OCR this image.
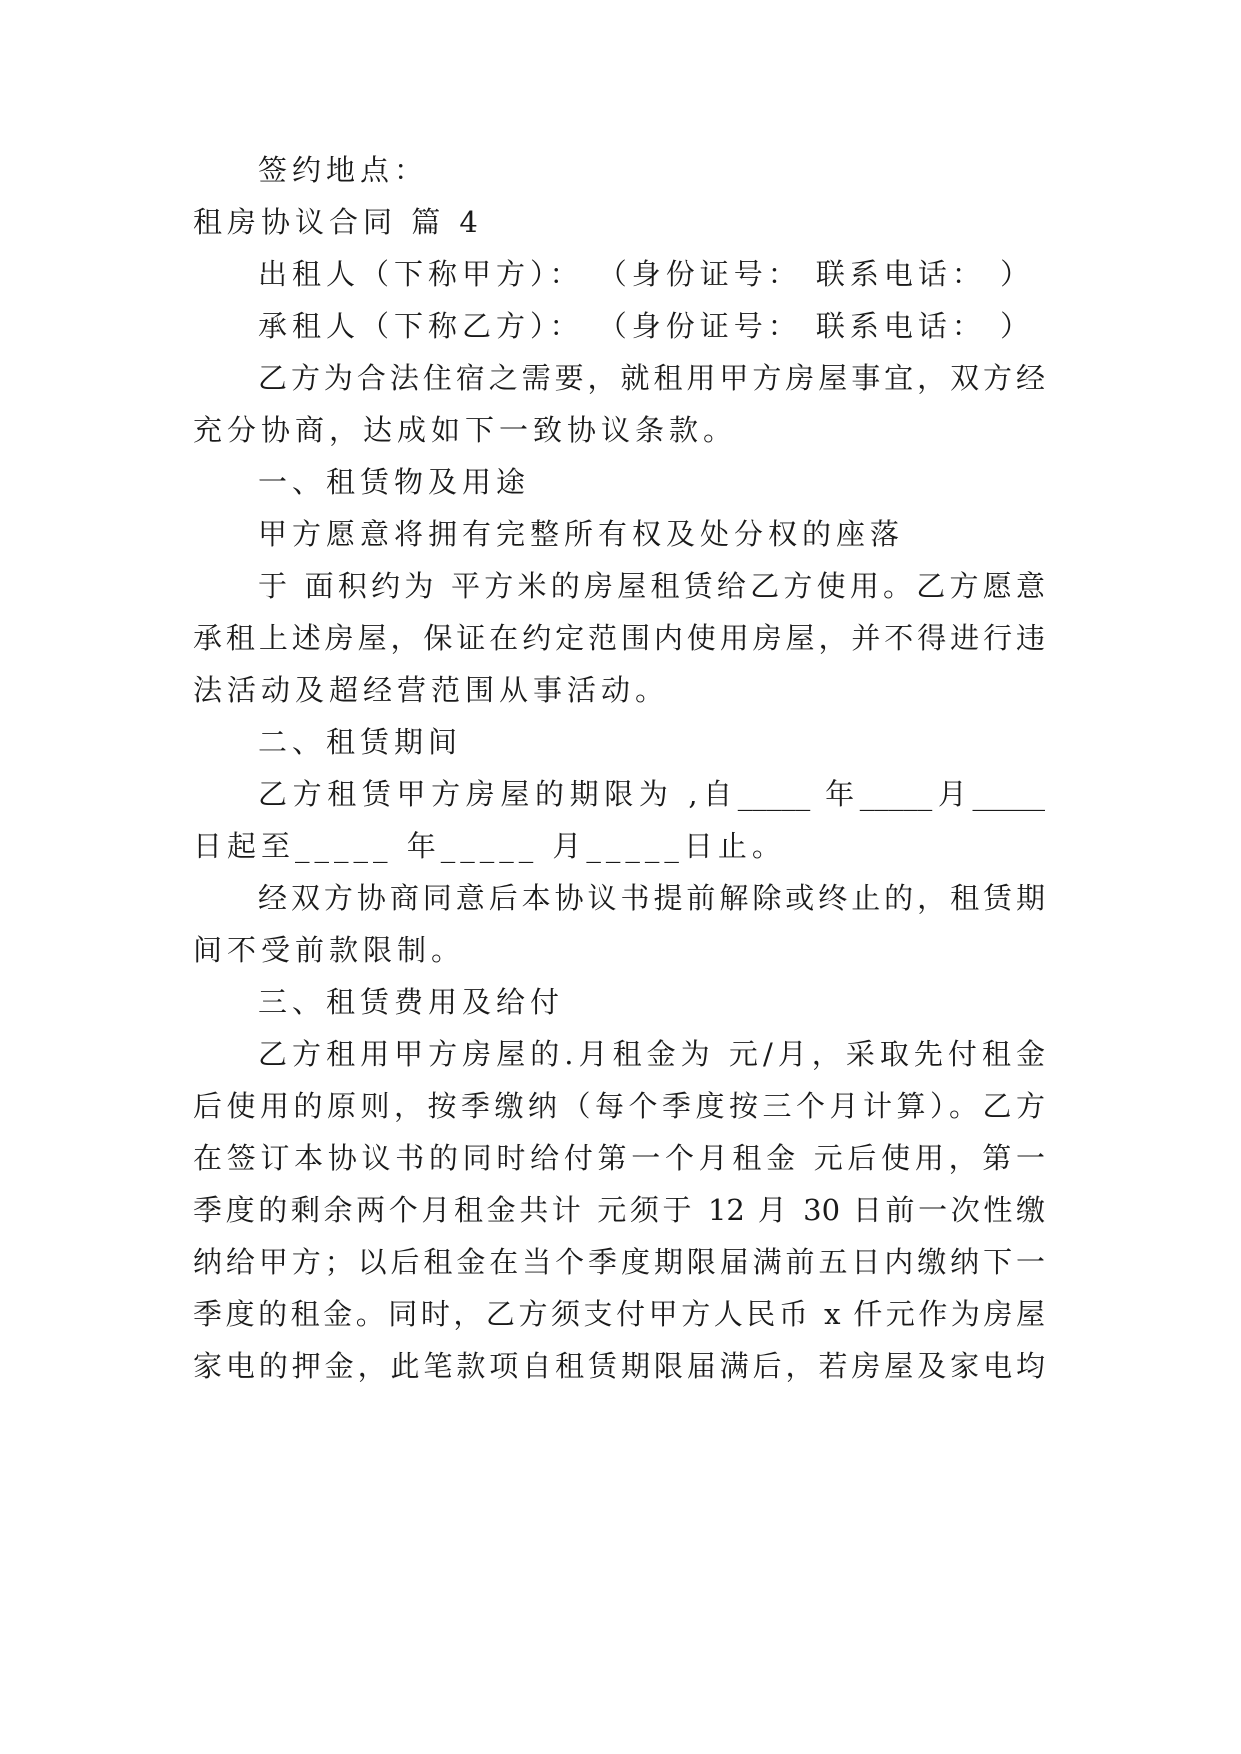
签约地点：
租房协议合同 篇 4
出租人（下称甲方）： （身份证号： 联系电话： ）
承租人（下称乙方）： （身份证号： 联系电话： ）
乙方为合法住宿之需要，就租用甲方房屋事宜，双方经
充分协商，达成如下一致协议条款。
一、租赁物及用途
甲方愿意将拥有完整所有权及处分权的座落
于 面积约为 平方米的房屋租赁给乙方使用。乙方愿意
承租上述房屋，保证在约定范围内使用房屋，并不得进行违
法活动及超经营范围从事活动。
二、租赁期间
乙方租赁甲方房屋的期限为 ,自_____ 年_____月_____
日起至_____ 年_____ 月_____日止。
经双方协商同意后本协议书提前解除或终止的，租赁期
间不受前款限制。
三、租赁费用及给付
乙方租用甲方房屋的.月租金为 元/月，采取先付租金
后使用的原则，按季缴纳（每个季度按三个月计算）。乙方
在签订本协议书的同时给付第一个月租金 元后使用，第一
季度的剩余两个月租金共计 元须于 12 月 30 日前一次性缴
纳给甲方；以后租金在当个季度期限届满前五日内缴纳下一
季度的租金。同时，乙方须支付甲方人民币 x 仟元作为房屋
家电的押金，此笔款项自租赁期限届满后，若房屋及家电均
